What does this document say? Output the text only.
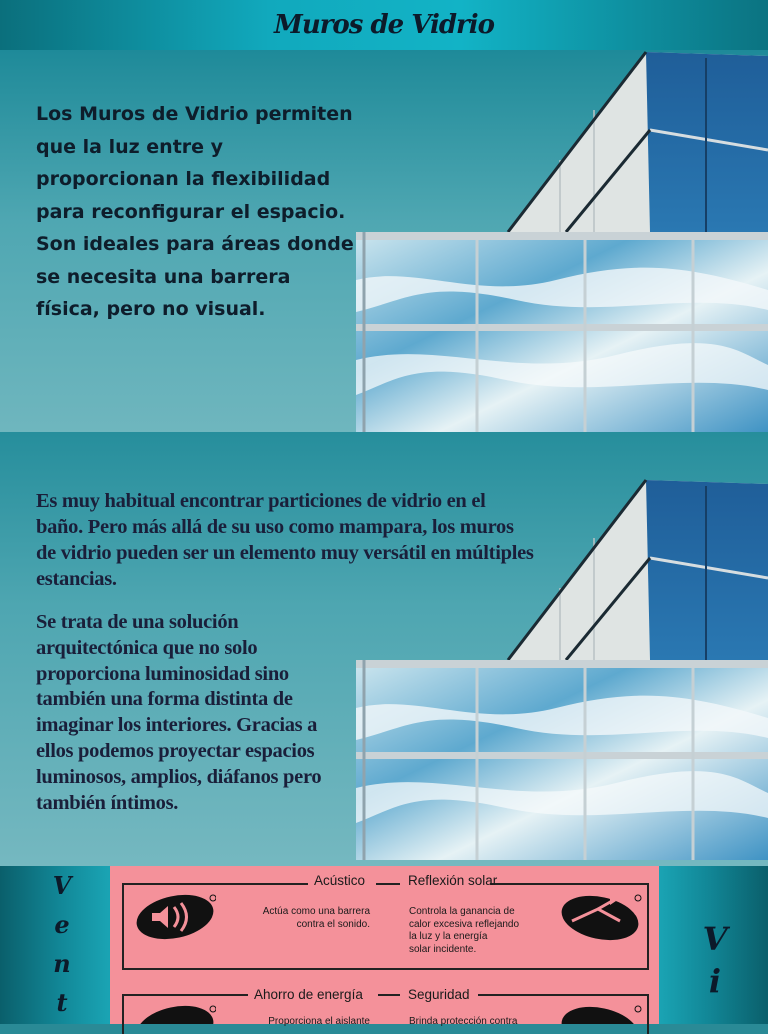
Muros de Vidrio

Los Muros de Vidrio permiten que la luz entre y proporcionan la flexibilidad para reconfigurar el espacio. Son ideales para áreas donde se necesita una barrera física, pero no visual.

Es muy habitual encontrar particiones de vidrio en el baño. Pero más allá de su uso como mampara, los muros de vidrio pueden ser un elemento muy versátil en múltiples estancias.

Se trata de una solución arquitectónica que no solo proporciona luminosidad sino también una forma distinta de imaginar los interiores. Gracias a ellos podemos proyectar espacios luminosos, amplios, diáfanos pero también íntimos.

V
e
n
t
V
i
Acústico	Reflexión solar
Actúa como una barrera
contra el sonido.
Controla la ganancia de
calor excesiva reflejando
la luz y la energía
solar incidente.
Ahorro de energía	Seguridad
Proporciona el aislante	Brinda protección contra
